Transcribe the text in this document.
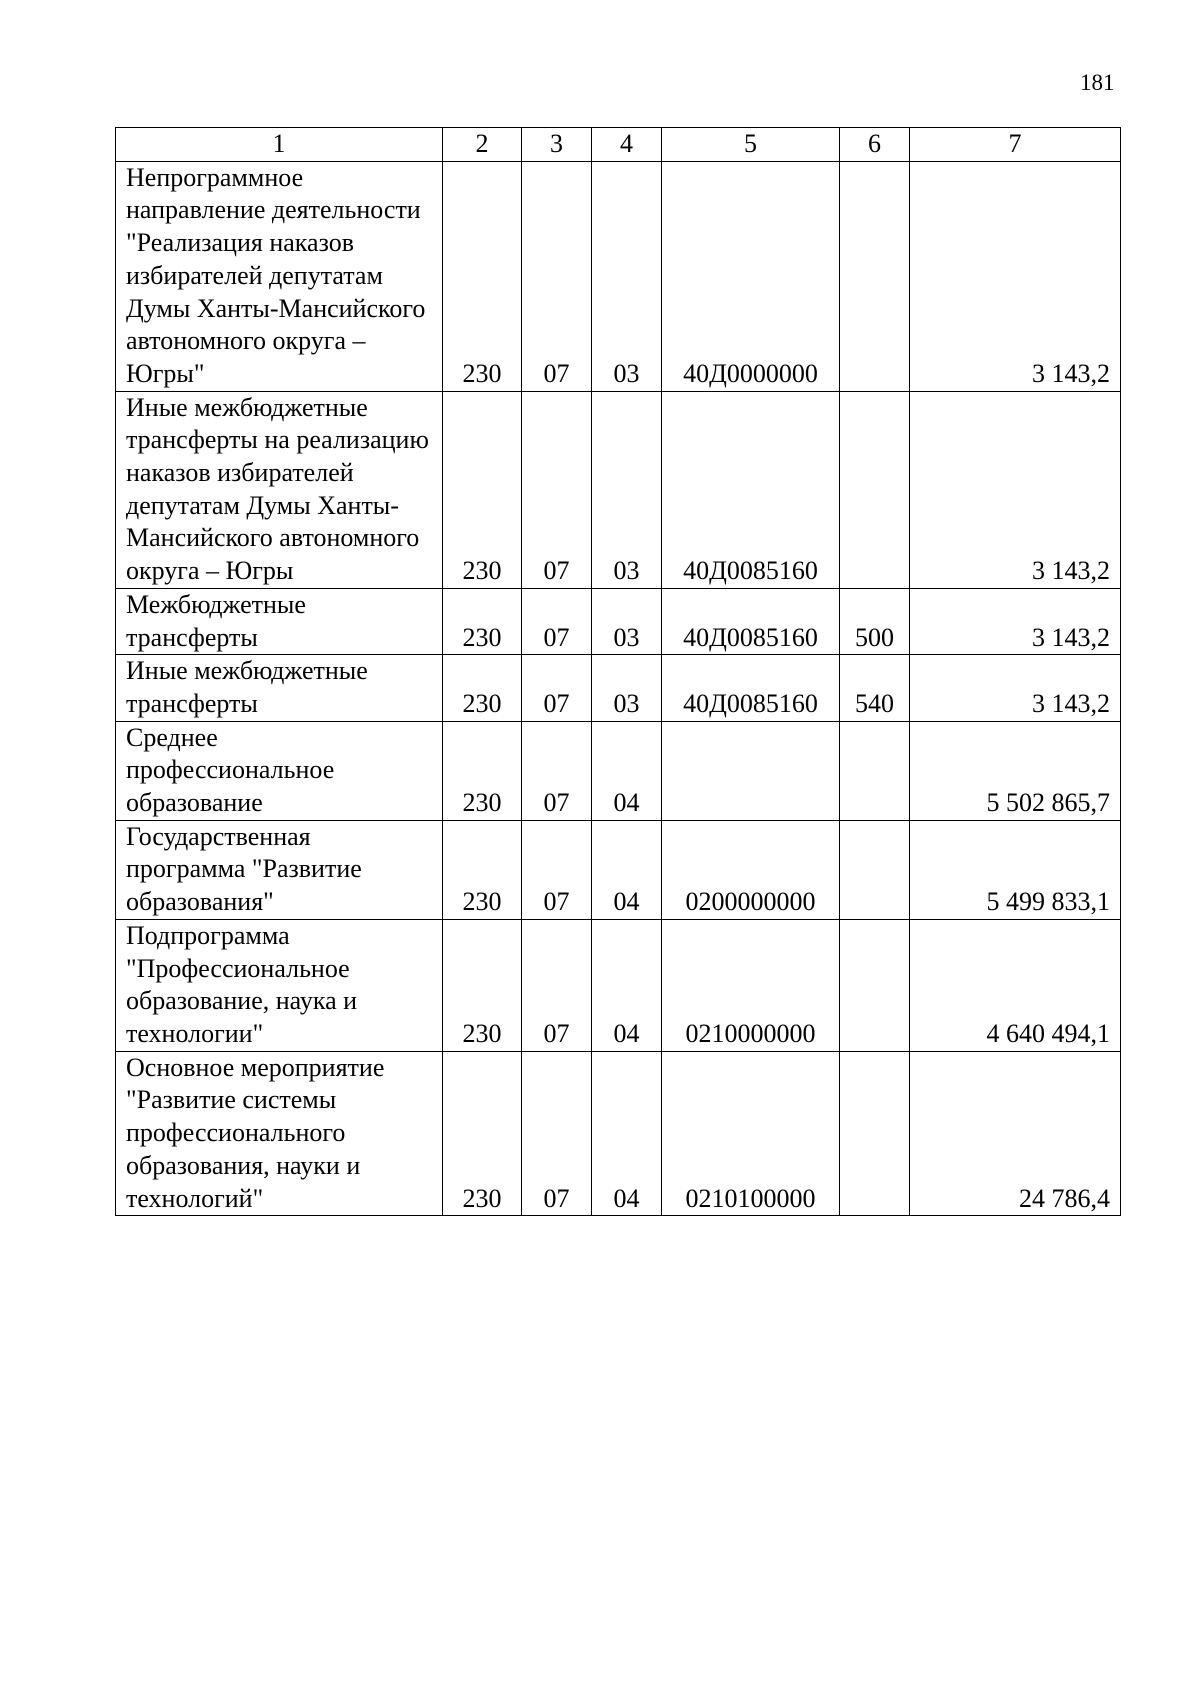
181
1	2	3	4	5	6	7
Непрограммное направление деятельности "Реализация наказов избирателей депутатам Думы Ханты-Мансийского автономного округа – Югры"	230	07	03	40Д0000000		3 143,2
Иные межбюджетные трансферты на реализацию наказов избирателей депутатам Думы Ханты-Мансийского автономного округа – Югры	230	07	03	40Д0085160		3 143,2
Межбюджетные трансферты	230	07	03	40Д0085160	500	3 143,2
Иные межбюджетные трансферты	230	07	03	40Д0085160	540	3 143,2
Среднее профессиональное образование	230	07	04			5 502 865,7
Государственная программа "Развитие образования"	230	07	04	0200000000		5 499 833,1
Подпрограмма "Профессиональное образование, наука и технологии"	230	07	04	0210000000		4 640 494,1
Основное мероприятие "Развитие системы профессионального образования, науки и технологий"	230	07	04	0210100000		24 786,4
